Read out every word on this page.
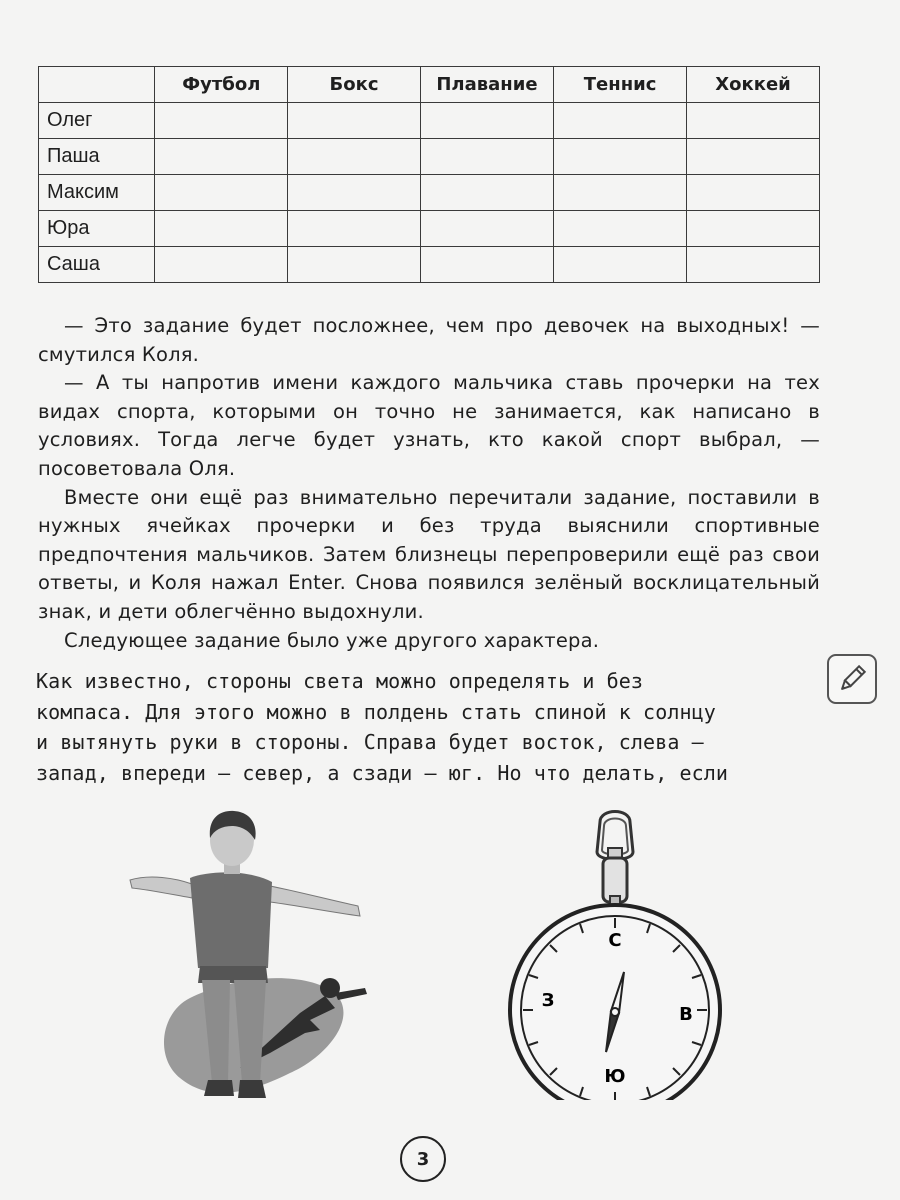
	Футбол	Бокс	Плавание	Теннис	Хоккей
Олег					
Паша					
Максим					
Юра					
Саша					

— Это задание будет посложнее, чем про девочек на выходных! — смутился Коля.

— А ты напротив имени каждого мальчика ставь прочерки на тех видах спорта, которыми он точно не занимается, как написано в условиях. Тогда легче будет узнать, кто какой спорт выбрал, — посоветовала Оля.

Вместе они ещё раз внимательно перечитали задание, поставили в нужных ячейках прочерки и без труда выяснили спортивные предпочтения мальчиков. Затем близнецы перепроверили ещё раз свои ответы, и Коля нажал Enter. Снова появился зелёный восклицательный знак, и дети облегчённо выдохнули.

Следующее задание было уже другого характера.

Как известно, стороны света можно определять и без
компаса. Для этого можно в полдень стать спиной к солнцу
и вытянуть руки в стороны. Справа будет восток, слева —
запад, впереди — север, а сзади — юг. Но что делать, если
С
Ю
В
З
3
